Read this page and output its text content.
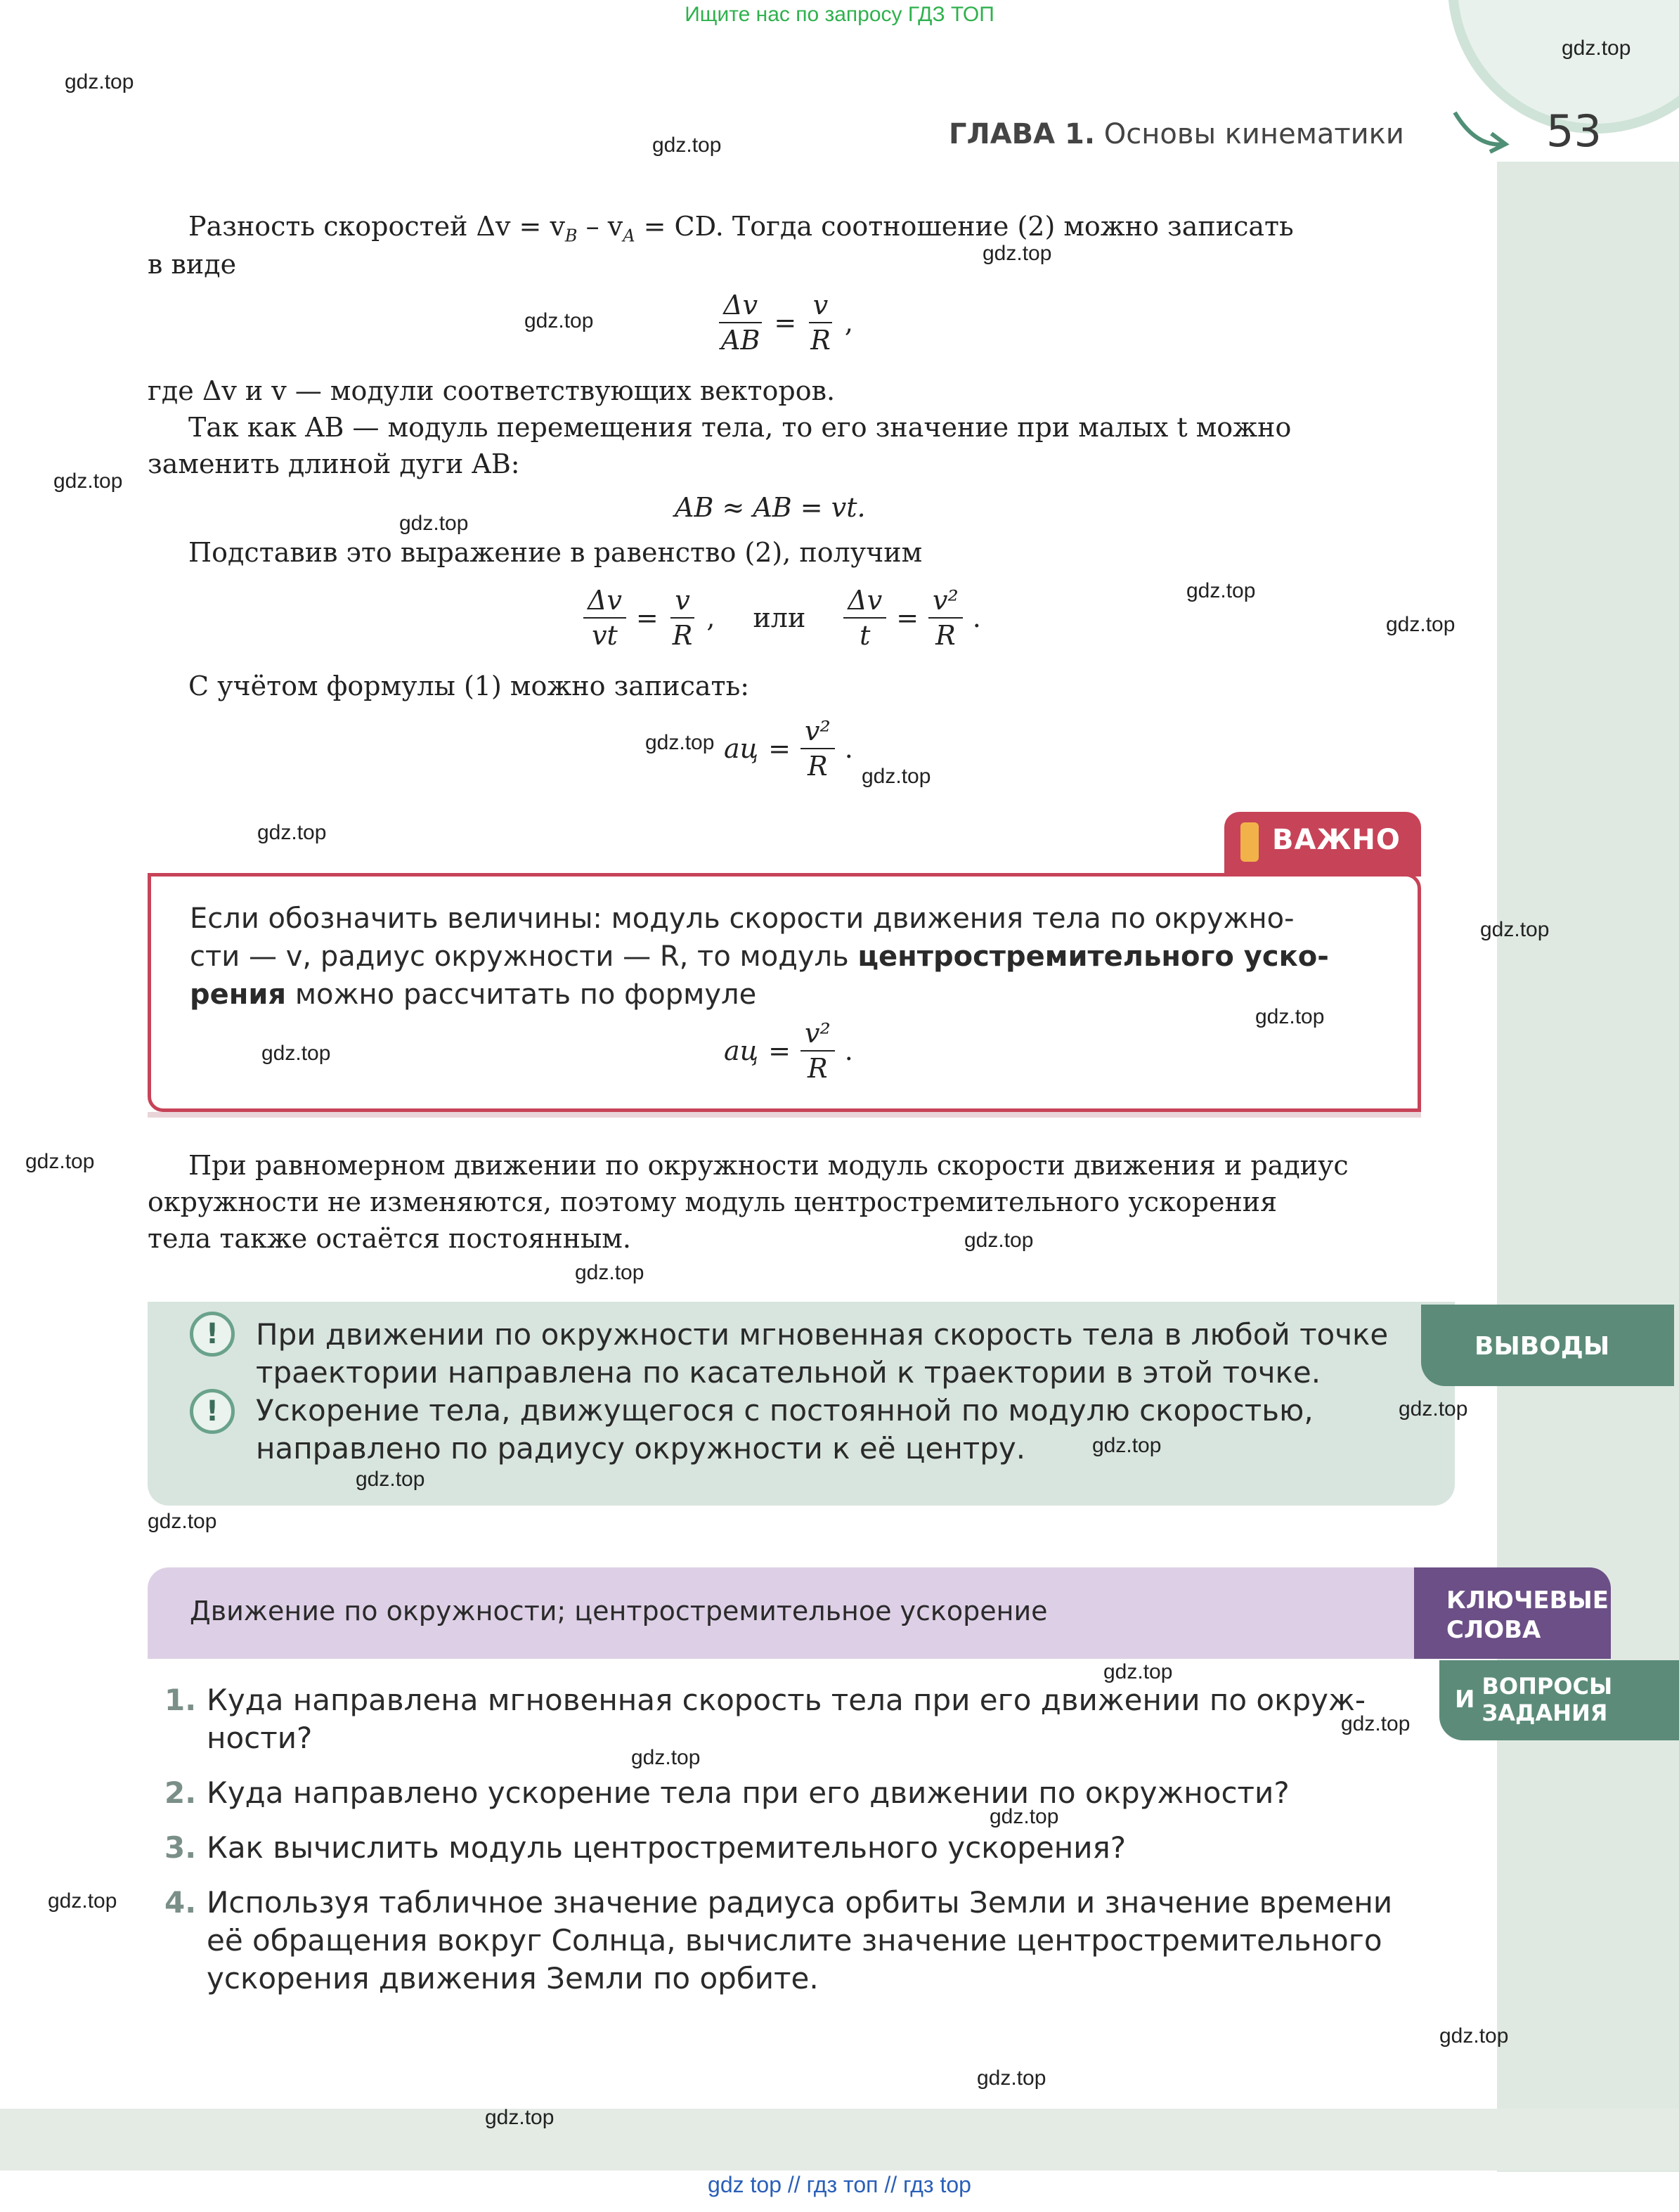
Ищите нас по запросу ГДЗ ТОП
ГЛАВА 1. Основы кинематики	53
Разность скоростей $\Delta v = v_B - v_A$ = CD. Тогда соотношение (2) можно записать
в виде
$\frac{\Delta v}{AB} = \frac{v}{R}$ ,
где Δv и v — модули соответствующих векторов.
Так как AB — модуль перемещения тела, то его значение при малых t можно
заменить длиной дуги AB:
AB ≈ AB = vt.
Подставив это выражение в равенство (2), получим
$\frac{\Delta v}{vt} = \frac{v}{R}$ , или $\frac{\Delta v}{t} = \frac{\text{v²}}{R}$ .
С учётом формулы (1) можно записать:
aц = $\frac{\text{v²}}{R}$ .
ВАЖНО
Если обозначить величины: модуль скорости движения тела по окружно-
сти — v, радиус окружности — R, то модуль центростремительного уско-
рения можно рассчитать по формуле
aц = $\frac{\text{v²}}{R}$ .
При равномерном движении по окружности модуль скорости движения и радиус
окружности не изменяются, поэтому модуль центростремительного ускорения
тела также остаётся постоянным.
ВЫВОДЫ
!	При движении по окружности мгновенная скорость тела в любой точке
траектории направлена по касательной к траектории в этой точке.
!	Ускорение тела, движущегося с постоянной по модулю скоростью,
направлено по радиусу окружности к её центру.
КЛЮЧЕВЫЕ
СЛОВА
Движение по окружности; центростремительное ускорение
И ВОПРОСЫ
ЗАДАНИЯ
1. Куда направлена мгновенная скорость тела при его движении по окруж-
ности?
2. Куда направлено ускорение тела при его движении по окружности?
3. Как вычислить модуль центростремительного ускорения?
4. Используя табличное значение радиуса орбиты Земли и значение времени
её обращения вокруг Солнца, вычислите значение центростремительного
ускорения движения Земли по орбите.
gdz.top
gdz.top
gdz.top
gdz.top
gdz.top
gdz.top
gdz.top
gdz.top
gdz.top
gdz.top
gdz.top
gdz.top
gdz.top
gdz.top
gdz.top
gdz.top
gdz.top
gdz.top
gdz.top
gdz.top
gdz.top
gdz.top
gdz.top
gdz.top
gdz.top
gdz.top
gdz.top
gdz.top
gdz.top
gdz.top
gdz top // гдз топ // гдз top
